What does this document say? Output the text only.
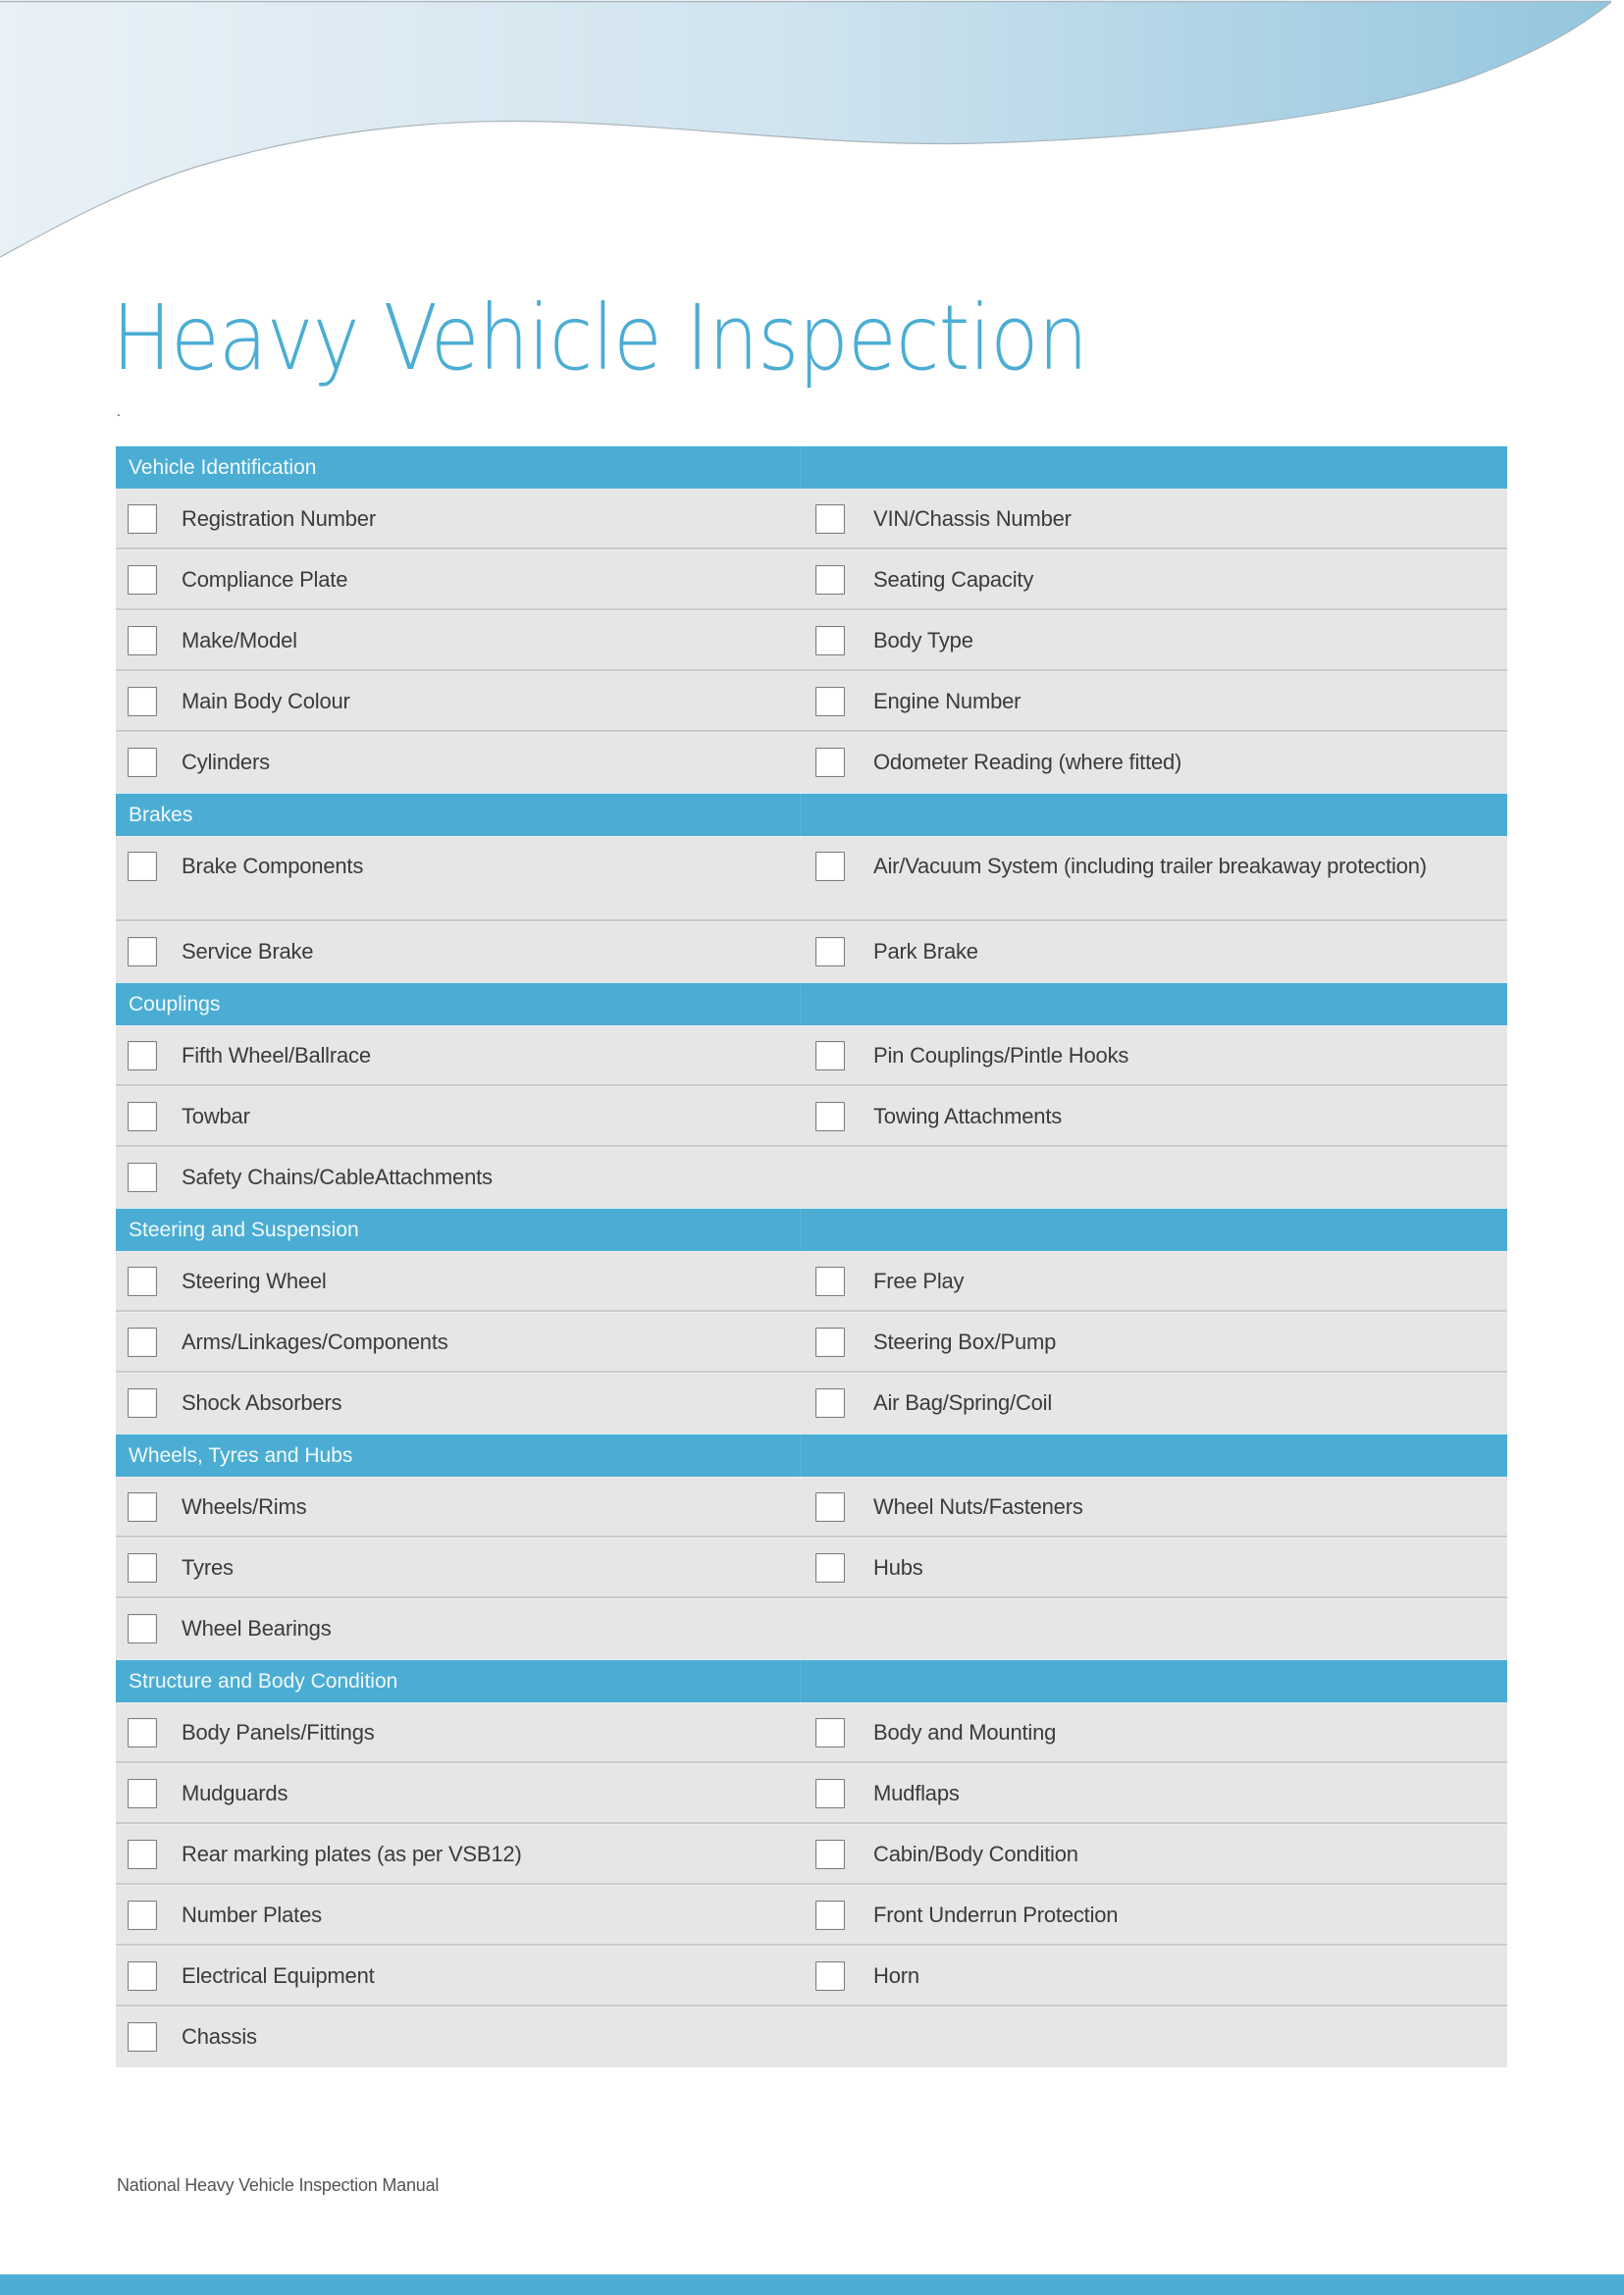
Heavy Vehicle Inspection
.
Vehicle Identification
Registration Number	VIN/Chassis Number
Compliance Plate	Seating Capacity
Make/Model	Body Type
Main Body Colour	Engine Number
Cylinders	Odometer Reading (where fitted)
Brakes
Brake Components	Air/Vacuum System (including trailer breakaway protection)
Service Brake	Park Brake
Couplings
Fifth Wheel/Ballrace	Pin Couplings/Pintle Hooks
Towbar	Towing Attachments
Safety Chains/CableAttachments
Steering and Suspension
Steering Wheel	Free Play
Arms/Linkages/Components	Steering Box/Pump
Shock Absorbers	Air Bag/Spring/Coil
Wheels, Tyres and Hubs
Wheels/Rims	Wheel Nuts/Fasteners
Tyres	Hubs
Wheel Bearings
Structure and Body Condition
Body Panels/Fittings	Body and Mounting
Mudguards	Mudflaps
Rear marking plates (as per VSB12)	Cabin/Body Condition
Number Plates	Front Underrun Protection
Electrical Equipment	Horn
Chassis
National Heavy Vehicle Inspection Manual
